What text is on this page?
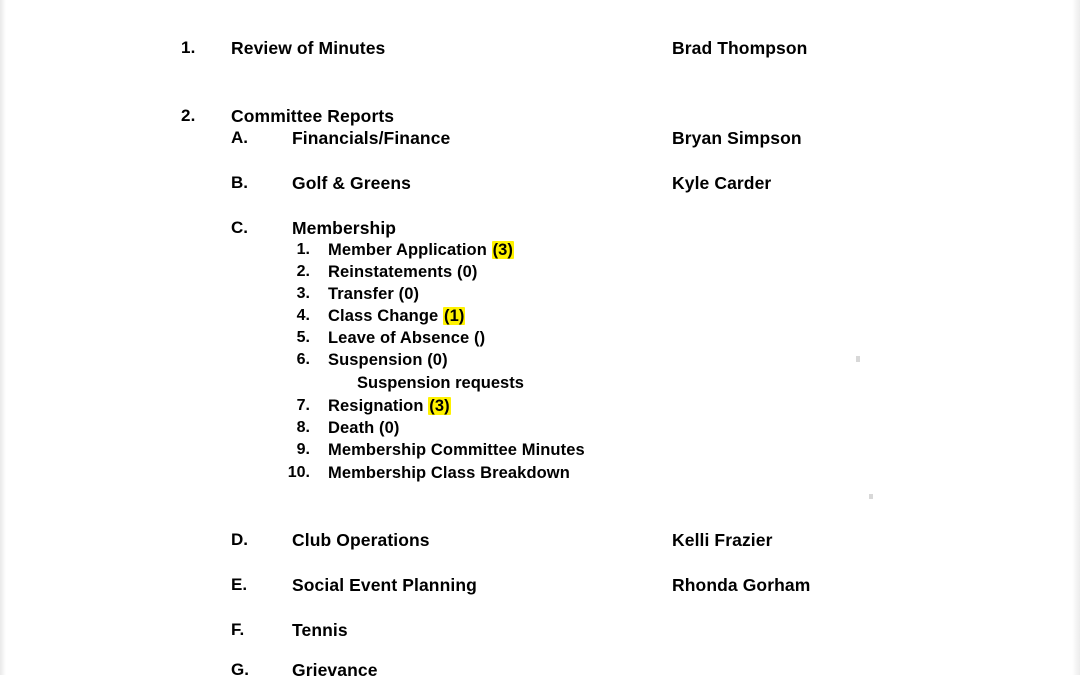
1. Review of Minutes	Brad Thompson
2. Committee Reports
A.	Financials/Finance	Bryan Simpson
B.	Golf & Greens	Kyle Carder
C.	Membership
1. Member Application (3)
2. Reinstatements (0)
3. Transfer (0)
4. Class Change (1)
5. Leave of Absence ()
6. Suspension (0)
Suspension requests
7. Resignation (3)
8. Death (0)
9. Membership Committee Minutes
10. Membership Class Breakdown
D.	Club Operations	Kelli Frazier
E.	Social Event Planning	Rhonda Gorham
F.	Tennis
G. Grievance
